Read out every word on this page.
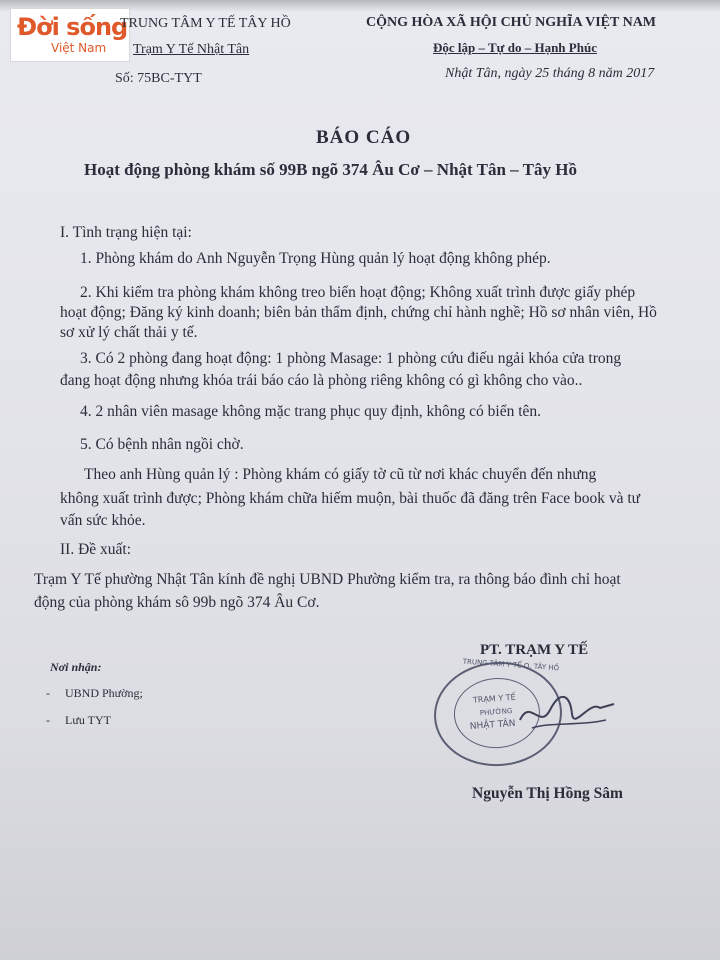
Đời sống
Việt Nam
TRUNG TÂM Y TẾ TÂY HỒ
Trạm Y Tế Nhật Tân
Số: 75BC-TYT
CỘNG HÒA XÃ HỘI CHỦ NGHĨA VIỆT NAM
Độc lập – Tự do – Hạnh Phúc
Nhật Tân, ngày 25 tháng 8 năm 2017
BÁO CÁO
Hoạt động phòng khám số 99B ngõ 374 Âu Cơ – Nhật Tân – Tây Hồ
I. Tình trạng hiện tại:
1. Phòng khám do Anh Nguyễn Trọng Hùng quản lý hoạt động không phép.
2. Khi kiểm tra phòng khám không treo biển hoạt động; Không xuất trình được giấy phép
hoạt động; Đăng ký kinh doanh; biên bản thẩm định, chứng chỉ hành nghề; Hồ sơ nhân viên, Hồ
sơ xử lý chất thải y tế.
3. Có 2 phòng đang hoạt động: 1 phòng Masage: 1 phòng cứu điếu ngải khóa cửa trong
đang hoạt động nhưng khóa trái báo cáo là phòng riêng không có gì không cho vào..
4. 2 nhân viên masage không mặc trang phục quy định, không có biển tên.
5. Có bệnh nhân ngồi chờ.
Theo anh Hùng quản lý : Phòng khám có giấy tờ cũ từ nơi khác chuyển đến nhưng
không xuất trình được; Phòng khám chữa hiếm muộn, bài thuốc đã đăng trên Face book và tư
vấn sức khỏe.
II. Đề xuất:
Trạm Y Tế phường Nhật Tân kính đề nghị UBND Phường kiểm tra, ra thông báo đình chỉ hoạt
động của phòng khám sô 99b ngõ 374 Âu Cơ.
Nơi nhận:
-     UBND Phường;
-     Lưu TYT
PT. TRẠM Y TẾ
TRUNG TÂM Y TẾ Q. TÂY HỒ
TRẠM Y TẾ
PHƯỜNG
NHẬT TÂN
Nguyễn Thị Hồng Sâm
